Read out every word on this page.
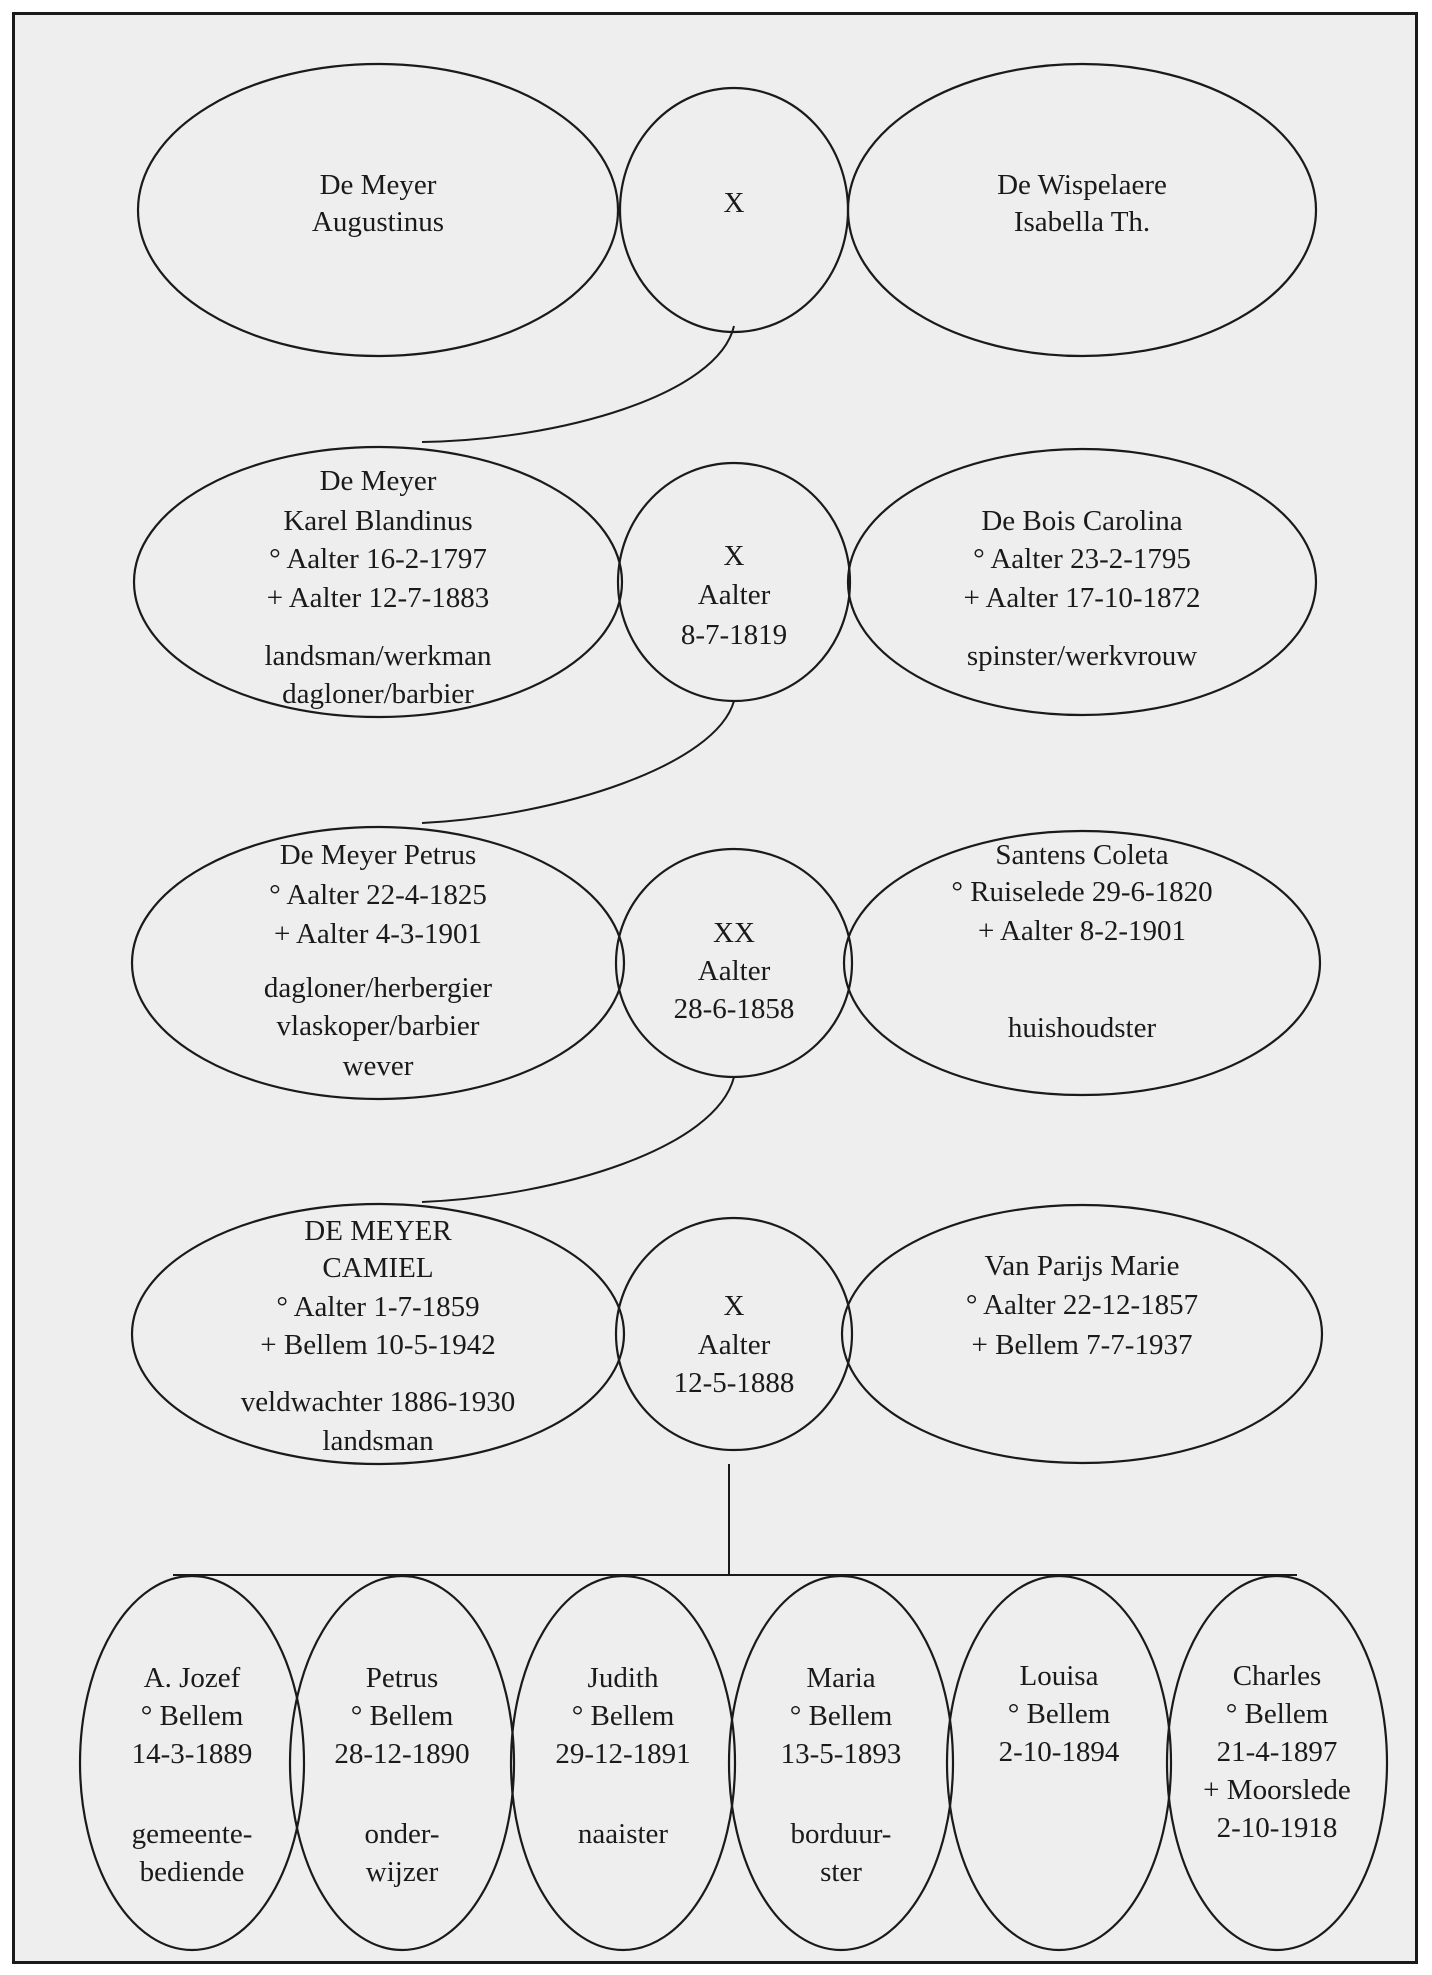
De Meyer
Augustinus
X
De Wispelaere
Isabella Th.
De Meyer
Karel Blandinus
° Aalter 16-2-1797
+ Aalter 12-7-1883
landsman/werkman
dagloner/barbier
X
Aalter
8-7-1819
De Bois Carolina
° Aalter 23-2-1795
+ Aalter 17-10-1872
spinster/werkvrouw
De Meyer Petrus
° Aalter 22-4-1825
+ Aalter 4-3-1901
dagloner/herbergier
vlaskoper/barbier
wever
XX
Aalter
28-6-1858
Santens Coleta
° Ruiselede 29-6-1820
+ Aalter 8-2-1901
huishoudster
DE MEYER
CAMIEL
° Aalter 1-7-1859
+ Bellem 10-5-1942
veldwachter 1886-1930
landsman
X
Aalter
12-5-1888
Van Parijs Marie
° Aalter 22-12-1857
+ Bellem 7-7-1937
A. Jozef
° Bellem
14-3-1889
gemeente-
bediende
Petrus
° Bellem
28-12-1890
onder-
wijzer
Judith
° Bellem
29-12-1891
naaister
Maria
° Bellem
13-5-1893
borduur-
ster
Louisa
° Bellem
2-10-1894
Charles
° Bellem
21-4-1897
+ Moorslede
2-10-1918
